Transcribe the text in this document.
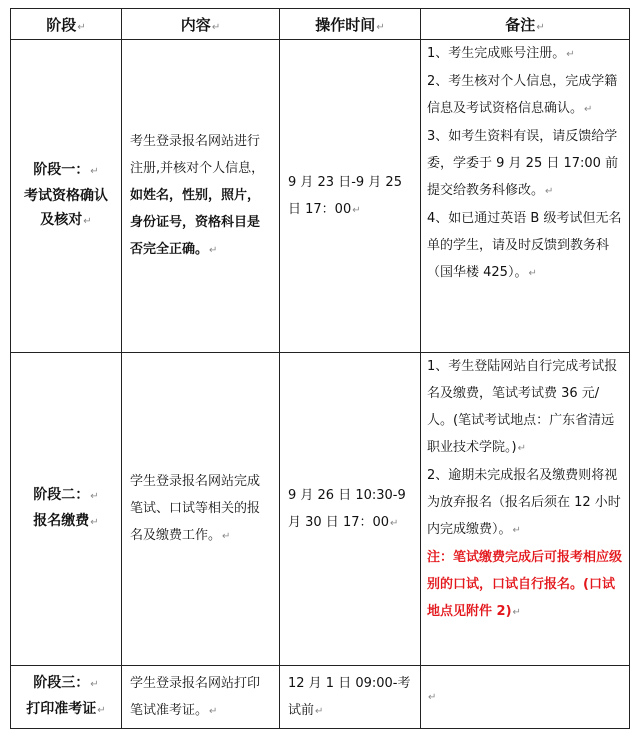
阶段↵	内容↵	操作时间↵	备注↵
阶段一：↵
考试资格确认
及核对↵	考生登录报名网站进行注册,并核对个人信息，如姓名，性别，照片，身份证号，资格科目是否完全正确。↵	9 月 23 日-9 月 25 日 17：00↵	1、考生完成账号注册。↵
2、考生核对个人信息，完成学籍信息及考试资格信息确认。↵
3、如考生资料有误，请反馈给学委，学委于 9 月 25 日 17:00 前提交给教务科修改。↵
4、如已通过英语 B 级考试但无名单的学生，请及时反馈到教务科（国华楼 425）。↵

阶段二：↵
报名缴费↵	学生登录报名网站完成笔试、口试等相关的报名及缴费工作。↵	9 月 26 日 10:30-9 月 30 日 17：00↵	1、考生登陆网站自行完成考试报名及缴费，笔试考试费 36 元/人。(笔试考试地点：广东省清远职业技术学院。)↵
2、逾期未完成报名及缴费则将视为放弃报名（报名后须在 12 小时内完成缴费）。↵
注：笔试缴费完成后可报考相应级别的口试，口试自行报名。(口试地点见附件 2)↵

阶段三：↵
打印准考证↵	学生登录报名网站打印笔试准考证。↵	12 月 1 日 09:00-考试前↵	↵
